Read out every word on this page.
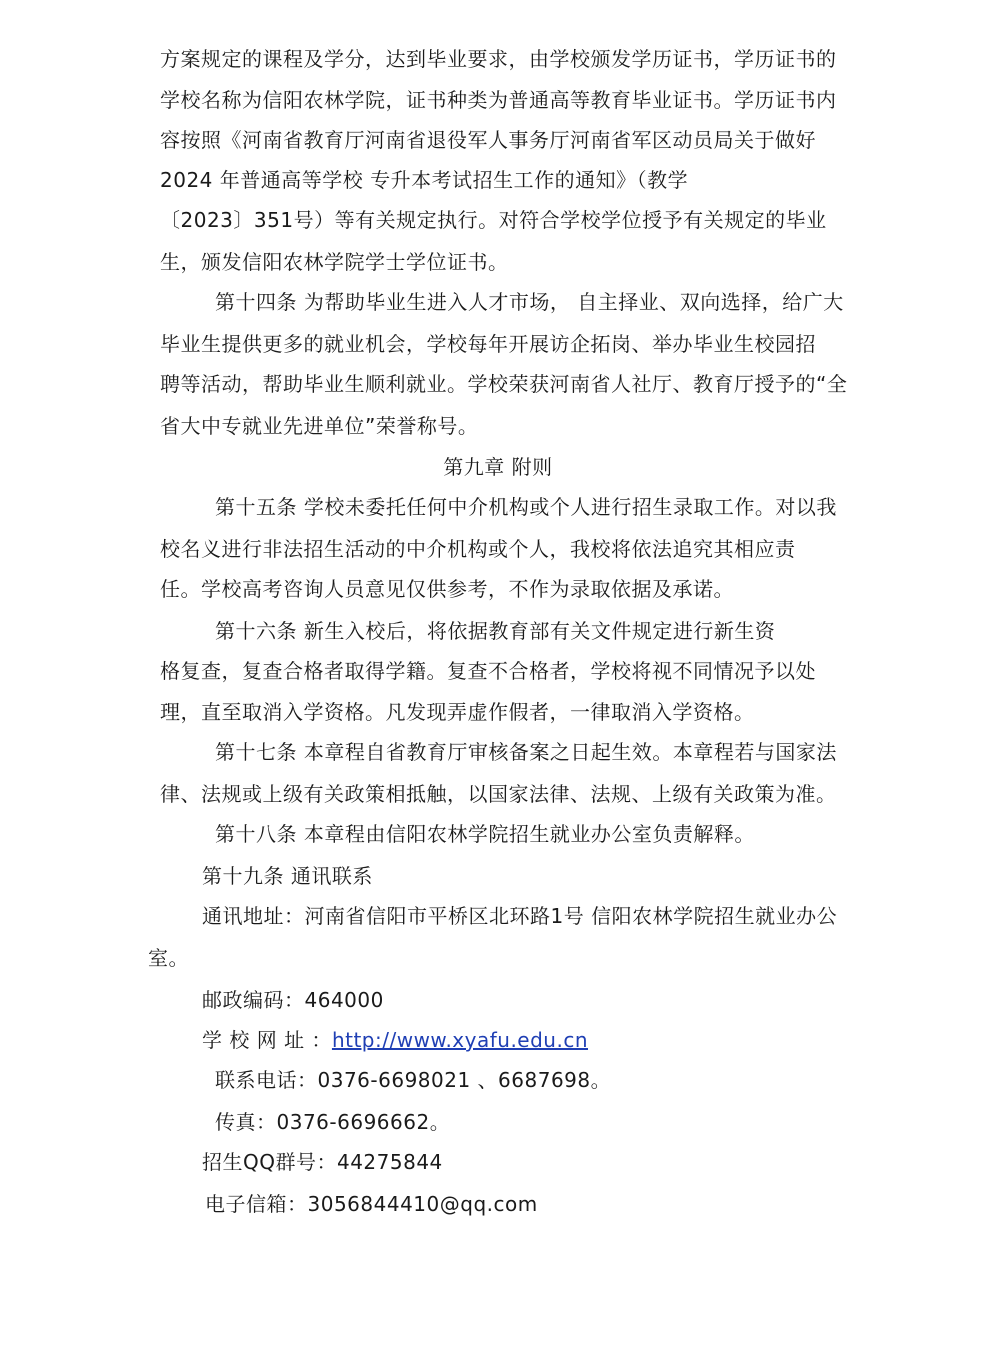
方案规定的课程及学分，达到毕业要求，由学校颁发学历证书，学历证书的
学校名称为信阳农林学院，证书种类为普通高等教育毕业证书。学历证书内
容按照《河南省教育厅河南省退役军人事务厅河南省军区动员局关于做好
2024 年普通高等学校 专升本考试招生工作的通知》（教学
〔2023〕351号）等有关规定执行。对符合学校学位授予有关规定的毕业
生，颁发信阳农林学院学士学位证书。
第十四条 为帮助毕业生进入人才市场， 自主择业、双向选择，给广大
毕业生提供更多的就业机会，学校每年开展访企拓岗、举办毕业生校园招
聘等活动，帮助毕业生顺利就业。学校荣获河南省人社厅、教育厅授予的“全
省大中专就业先进单位”荣誉称号。
第九章 附则
第十五条 学校未委托任何中介机构或个人进行招生录取工作。对以我
校名义进行非法招生活动的中介机构或个人，我校将依法追究其相应责
任。学校高考咨询人员意见仅供参考，不作为录取依据及承诺。
第十六条 新生入校后，将依据教育部有关文件规定进行新生资
格复查，复查合格者取得学籍。复查不合格者，学校将视不同情况予以处
理，直至取消入学资格。凡发现弄虚作假者，一律取消入学资格。
第十七条 本章程自省教育厅审核备案之日起生效。本章程若与国家法
律、法规或上级有关政策相抵触，以国家法律、法规、上级有关政策为准。
第十八条 本章程由信阳农林学院招生就业办公室负责解释。
第十九条 通讯联系
通讯地址：河南省信阳市平桥区北环路1号 信阳农林学院招生就业办公
室。
邮政编码：464000
学 校 网 址 ：http://www.xyafu.edu.cn
联系电话：0376-6698021 、6687698。
传真：0376-6696662。
招生QQ群号：44275844
电子信箱：3056844410@qq.com
